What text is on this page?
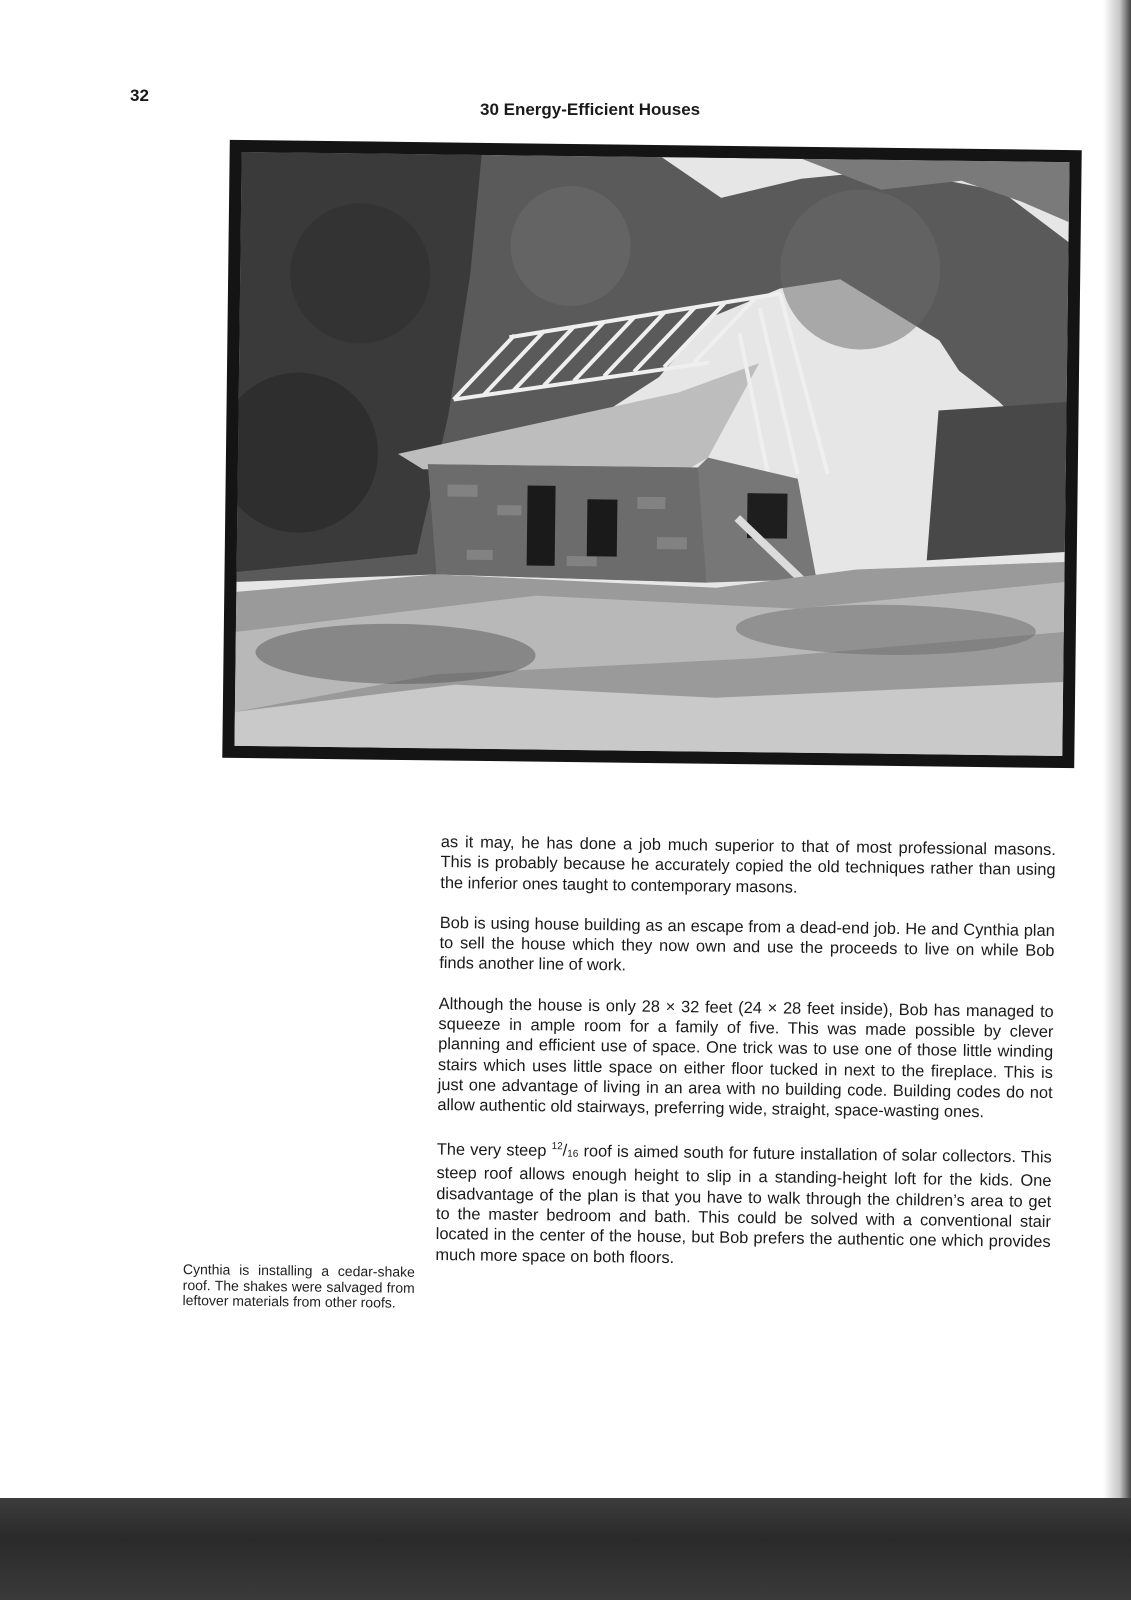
32
30 Energy-Efficient Houses

as it may, he has done a job much superior to that of most professional masons. This is probably because he accurately copied the old techniques rather than using the inferior ones taught to contemporary masons.

Bob is using house building as an escape from a dead-end job. He and Cynthia plan to sell the house which they now own and use the proceeds to live on while Bob finds another line of work.

Although the house is only 28 × 32 feet (24 × 28 feet inside), Bob has managed to squeeze in ample room for a family of five. This was made possible by clever planning and efficient use of space. One trick was to use one of those little winding stairs which uses little space on either floor tucked in next to the fireplace. This is just one advantage of living in an area with no building code. Building codes do not allow authentic old stairways, preferring wide, straight, space-wasting ones.

The very steep $^{12}/_{16}$ roof is aimed south for future installation of solar collectors. This steep roof allows enough height to slip in a standing-height loft for the kids. One disadvantage of the plan is that you have to walk through the children’s area to get to the master bedroom and bath. This could be solved with a conventional stair located in the center of the house, but Bob prefers the authentic one which provides much more space on both floors.

Cynthia is installing a cedar-shake roof. The shakes were salvaged from leftover materials from other roofs.
